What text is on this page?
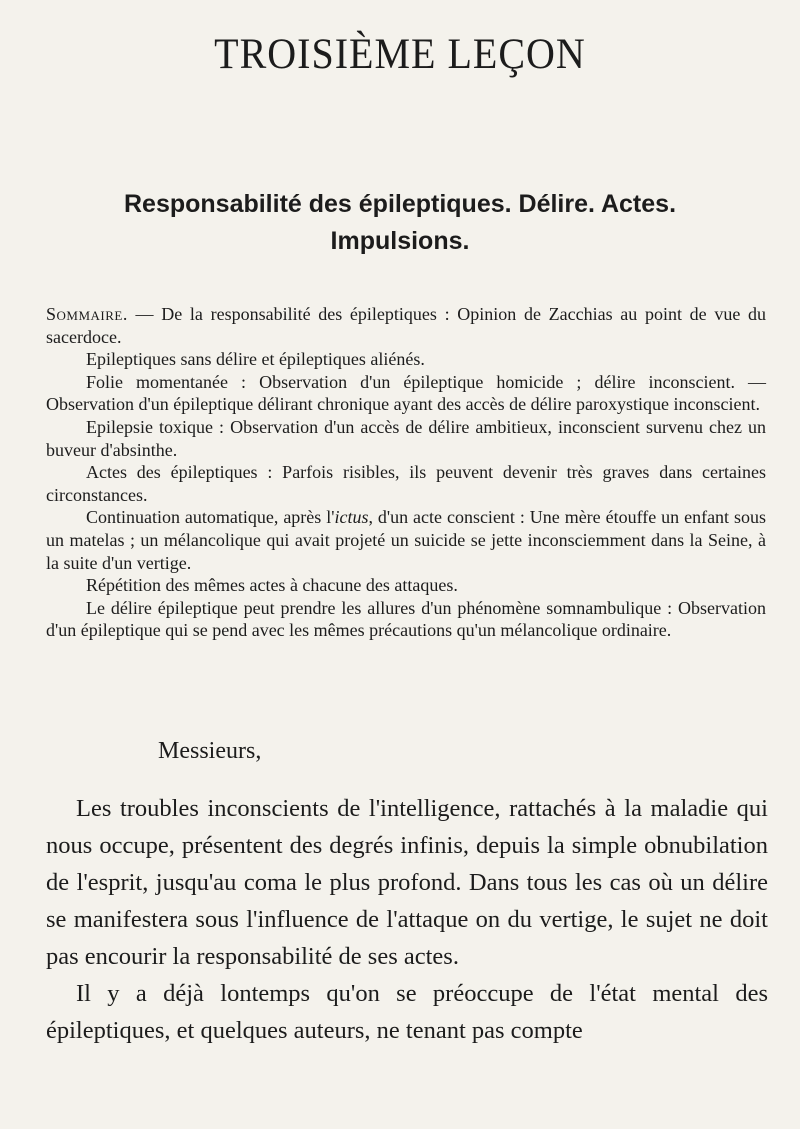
TROISIÈME LEÇON
Responsabilité des épileptiques. Délire. Actes.
Impulsions.

Sommaire. — De la responsabilité des épileptiques : Opinion de Zacchias au point de vue du sacerdoce.

Epileptiques sans délire et épileptiques aliénés.

Folie momentanée : Observation d'un épileptique homicide ; délire inconscient. — Observation d'un épileptique délirant chronique ayant des accès de délire paroxystique inconscient.

Epilepsie toxique : Observation d'un accès de délire ambitieux, inconscient survenu chez un buveur d'absinthe.

Actes des épileptiques : Parfois risibles, ils peuvent devenir très graves dans certaines circonstances.

Continuation automatique, après l'ictus, d'un acte conscient : Une mère étouffe un enfant sous un matelas ; un mélancolique qui avait projeté un suicide se jette inconsciemment dans la Seine, à la suite d'un vertige.

Répétition des mêmes actes à chacune des attaques.

Le délire épileptique peut prendre les allures d'un phénomène somnambulique : Observation d'un épileptique qui se pend avec les mêmes précautions qu'un mélancolique ordinaire.

Messieurs,

Les troubles inconscients de l'intelligence, rattachés à la maladie qui nous occupe, présentent des degrés infinis, depuis la simple obnubilation de l'esprit, jusqu'au coma le plus profond. Dans tous les cas où un délire se manifestera sous l'influence de l'attaque on du vertige, le sujet ne doit pas encourir la responsabilité de ses actes.

Il y a déjà lontemps qu'on se préoccupe de l'état mental des épileptiques, et quelques auteurs, ne tenant pas compte
